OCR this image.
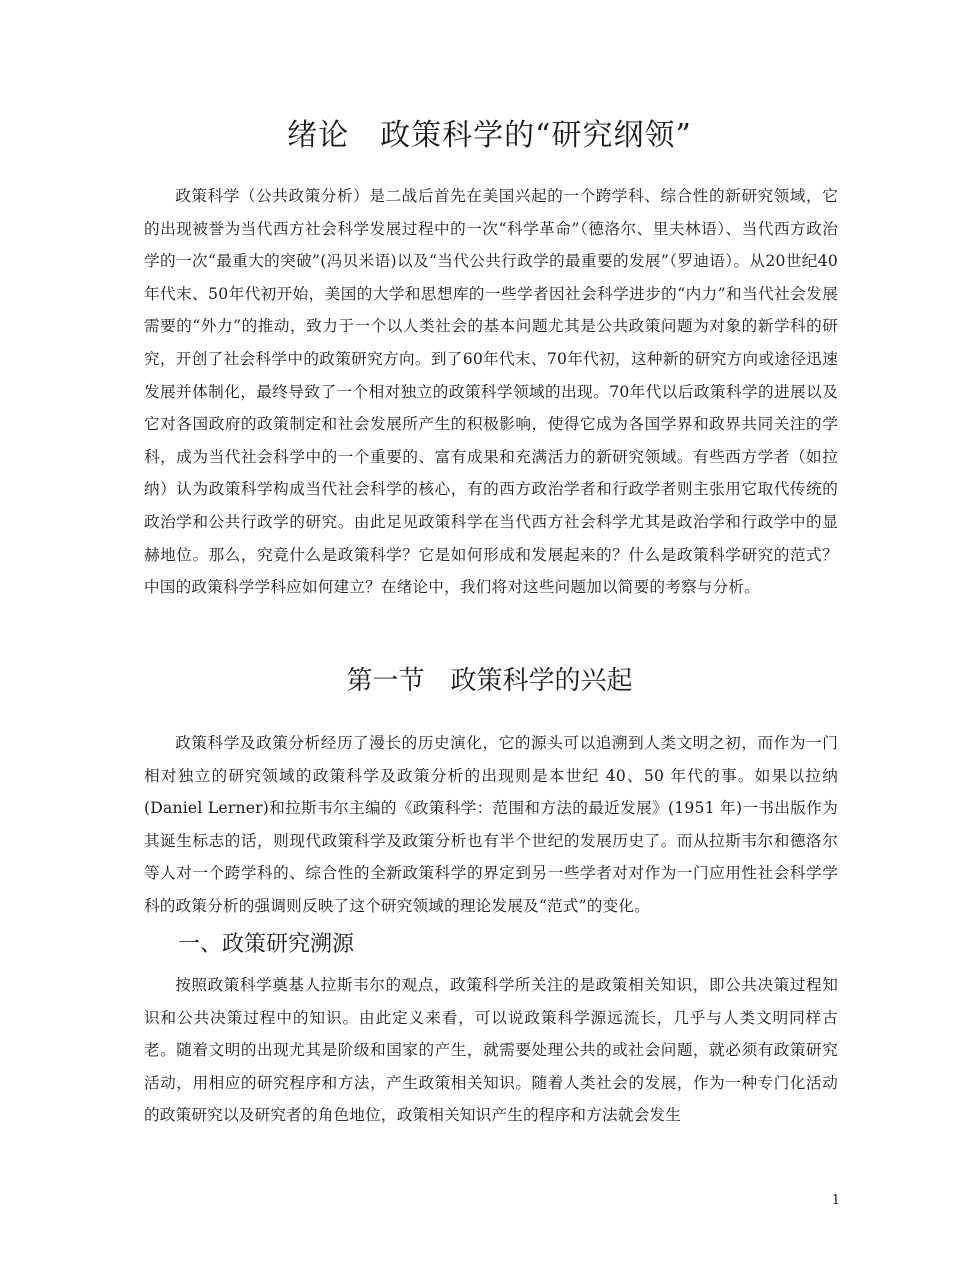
绪论　政策科学的“研究纲领”

政策科学（公共政策分析）是二战后首先在美国兴起的一个跨学科、综合性的新研究领域，它的出现被誉为当代西方社会科学发展过程中的一次“科学革命”（德洛尔、里夫林语）、当代西方政治学的一次“最重大的突破”(冯贝米语)以及“当代公共行政学的最重要的发展”（罗迪语）。从20世纪40年代末、50年代初开始，美国的大学和思想库的一些学者因社会科学进步的“内力”和当代社会发展需要的“外力”的推动，致力于一个以人类社会的基本问题尤其是公共政策问题为对象的新学科的研究，开创了社会科学中的政策研究方向。到了60年代末、70年代初，这种新的研究方向或途径迅速发展并体制化，最终导致了一个相对独立的政策科学领域的出现。70年代以后政策科学的进展以及它对各国政府的政策制定和社会发展所产生的积极影响，使得它成为各国学界和政界共同关注的学科，成为当代社会科学中的一个重要的、富有成果和充满活力的新研究领域。有些西方学者（如拉纳）认为政策科学构成当代社会科学的核心，有的西方政治学者和行政学者则主张用它取代传统的政治学和公共行政学的研究。由此足见政策科学在当代西方社会科学尤其是政治学和行政学中的显赫地位。那么，究竟什么是政策科学？它是如何形成和发展起来的？什么是政策科学研究的范式？中国的政策科学学科应如何建立？在绪论中，我们将对这些问题加以简要的考察与分析。

第一节　政策科学的兴起

政策科学及政策分析经历了漫长的历史演化，它的源头可以追溯到人类文明之初，而作为一门相对独立的研究领域的政策科学及政策分析的出现则是本世纪 40、50 年代的事。如果以拉纳(Daniel Lerner)和拉斯韦尔主编的《政策科学：范围和方法的最近发展》(1951 年)一书出版作为其诞生标志的话，则现代政策科学及政策分析也有半个世纪的发展历史了。而从拉斯韦尔和德洛尔等人对一个跨学科的、综合性的全新政策科学的界定到另一些学者对对作为一门应用性社会科学学科的政策分析的强调则反映了这个研究领域的理论发展及“范式”的变化。

一、政策研究溯源

按照政策科学奠基人拉斯韦尔的观点，政策科学所关注的是政策相关知识，即公共决策过程知识和公共决策过程中的知识。由此定义来看，可以说政策科学源远流长，几乎与人类文明同样古老。随着文明的出现尤其是阶级和国家的产生，就需要处理公共的或社会问题，就必须有政策研究活动，用相应的研究程序和方法，产生政策相关知识。随着人类社会的发展，作为一种专门化活动的政策研究以及研究者的角色地位，政策相关知识产生的程序和方法就会发生

1
